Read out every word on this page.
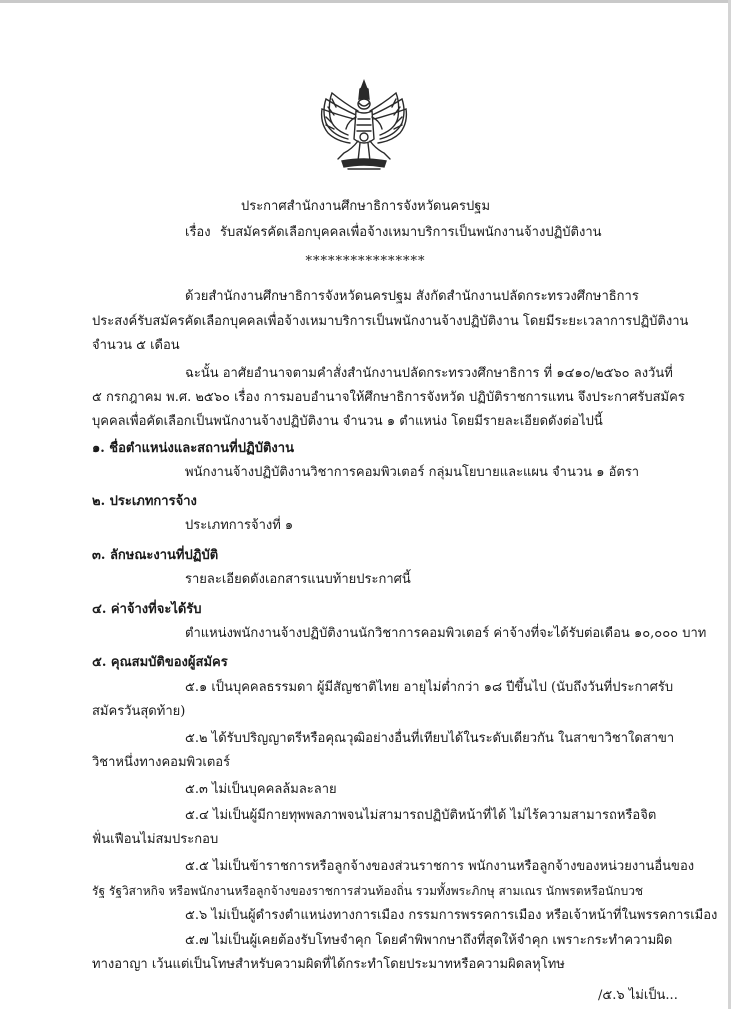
ประกาศสำนักงานศึกษาธิการจังหวัดนครปฐม
เรื่อง รับสมัครคัดเลือกบุคคลเพื่อจ้างเหมาบริการเป็นพนักงานจ้างปฏิบัติงาน
****************
ด้วยสำนักงานศึกษาธิการจังหวัดนครปฐม สังกัดสำนักงานปลัดกระทรวงศึกษาธิการ
ประสงค์รับสมัครคัดเลือกบุคคลเพื่อจ้างเหมาบริการเป็นพนักงานจ้างปฏิบัติงาน โดยมีระยะเวลาการปฏิบัติงาน
จำนวน ๕ เดือน
ฉะนั้น อาศัยอำนาจตามคำสั่งสำนักงานปลัดกระทรวงศึกษาธิการ ที่ ๑๔๑๐/๒๕๖๐ ลงวันที่
๕ กรกฎาคม พ.ศ. ๒๕๖๐ เรื่อง การมอบอำนาจให้ศึกษาธิการจังหวัด ปฏิบัติราชการแทน จึงประกาศรับสมัคร
บุคคลเพื่อคัดเลือกเป็นพนักงานจ้างปฏิบัติงาน จำนวน ๑ ตำแหน่ง โดยมีรายละเอียดดังต่อไปนี้
๑. ชื่อตำแหน่งและสถานที่ปฏิบัติงาน
พนักงานจ้างปฏิบัติงานวิชาการคอมพิวเตอร์ กลุ่มนโยบายและแผน จำนวน ๑ อัตรา
๒. ประเภทการจ้าง
ประเภทการจ้างที่ ๑
๓. ลักษณะงานที่ปฏิบัติ
รายละเอียดดังเอกสารแนบท้ายประกาศนี้
๔. ค่าจ้างที่จะได้รับ
ตำแหน่งพนักงานจ้างปฏิบัติงานนักวิชาการคอมพิวเตอร์ ค่าจ้างที่จะได้รับต่อเดือน ๑๐,๐๐๐ บาท
๕. คุณสมบัติของผู้สมัคร
๕.๑ เป็นบุคคลธรรมดา ผู้มีสัญชาติไทย อายุไม่ต่ำกว่า ๑๘ ปีขึ้นไป (นับถึงวันที่ประกาศรับ
สมัครวันสุดท้าย)
๕.๒ ได้รับปริญญาตรีหรือคุณวุฒิอย่างอื่นที่เทียบได้ในระดับเดียวกัน ในสาขาวิชาใดสาขา
วิชาหนึ่งทางคอมพิวเตอร์
๕.๓ ไม่เป็นบุคคลล้มละลาย
๕.๔ ไม่เป็นผู้มีกายทุพพลภาพจนไม่สามารถปฏิบัติหน้าที่ได้ ไม่ไร้ความสามารถหรือจิต
ฟั่นเฟือนไม่สมประกอบ
๕.๕ ไม่เป็นข้าราชการหรือลูกจ้างของส่วนราชการ พนักงานหรือลูกจ้างของหน่วยงานอื่นของ
รัฐ รัฐวิสาหกิจ หรือพนักงานหรือลูกจ้างของราชการส่วนท้องถิ่น รวมทั้งพระภิกษุ สามเณร นักพรตหรือนักบวช
๕.๖ ไม่เป็นผู้ดำรงตำแหน่งทางการเมือง กรรมการพรรคการเมือง หรือเจ้าหน้าที่ในพรรคการเมือง
๕.๗ ไม่เป็นผู้เคยต้องรับโทษจำคุก โดยคำพิพากษาถึงที่สุดให้จำคุก เพราะกระทำความผิด
ทางอาญา เว้นแต่เป็นโทษสำหรับความผิดที่ได้กระทำโดยประมาทหรือความผิดลหุโทษ
/๕.๖ ไม่เป็น...
